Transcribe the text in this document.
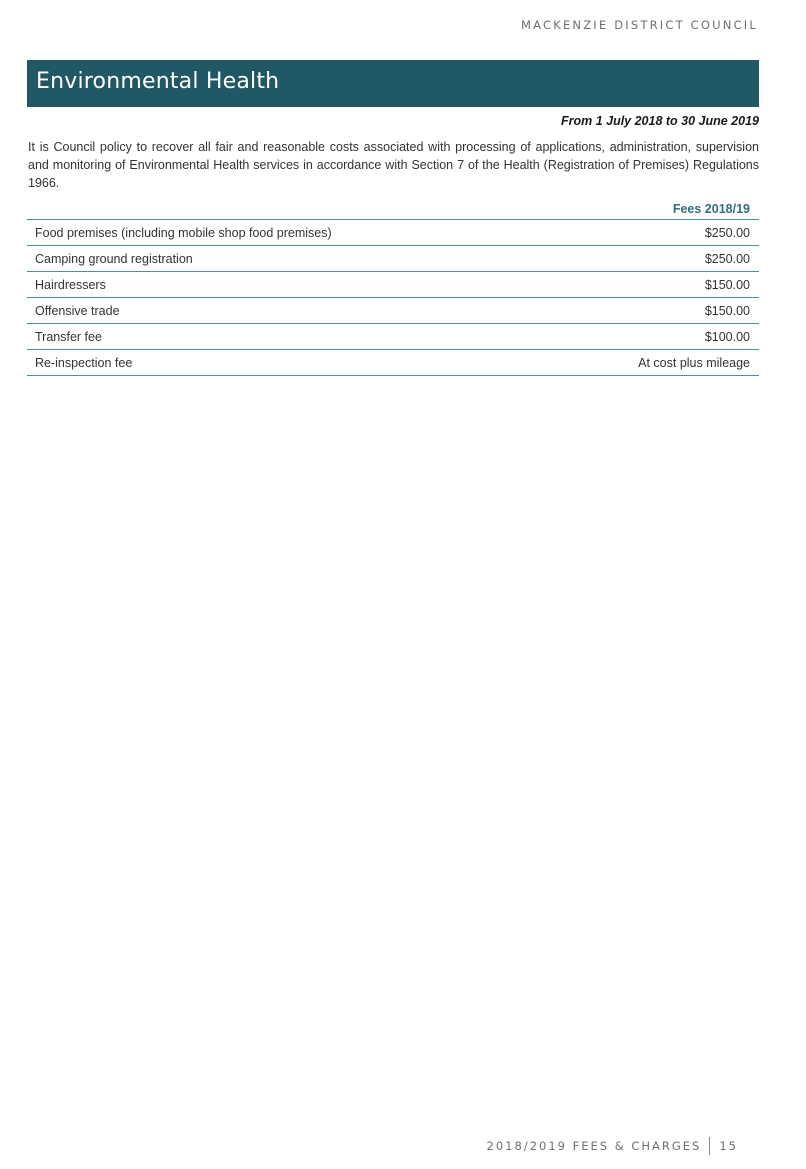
MACKENZIE DISTRICT COUNCIL
Environmental Health
From 1 July 2018 to 30 June 2019

It is Council policy to recover all fair and reasonable costs associated with processing of applications, administration, supervision and monitoring of Environmental Health services in accordance with Section 7 of the Health (Registration of Premises) Regulations 1966.

Fees 2018/19
Food premises (including mobile shop food premises)	$250.00
Camping ground registration	$250.00
Hairdressers	$150.00
Offensive trade	$150.00
Transfer fee	$100.00
Re-inspection fee	At cost plus mileage
2018/2019 FEES & CHARGES 15
